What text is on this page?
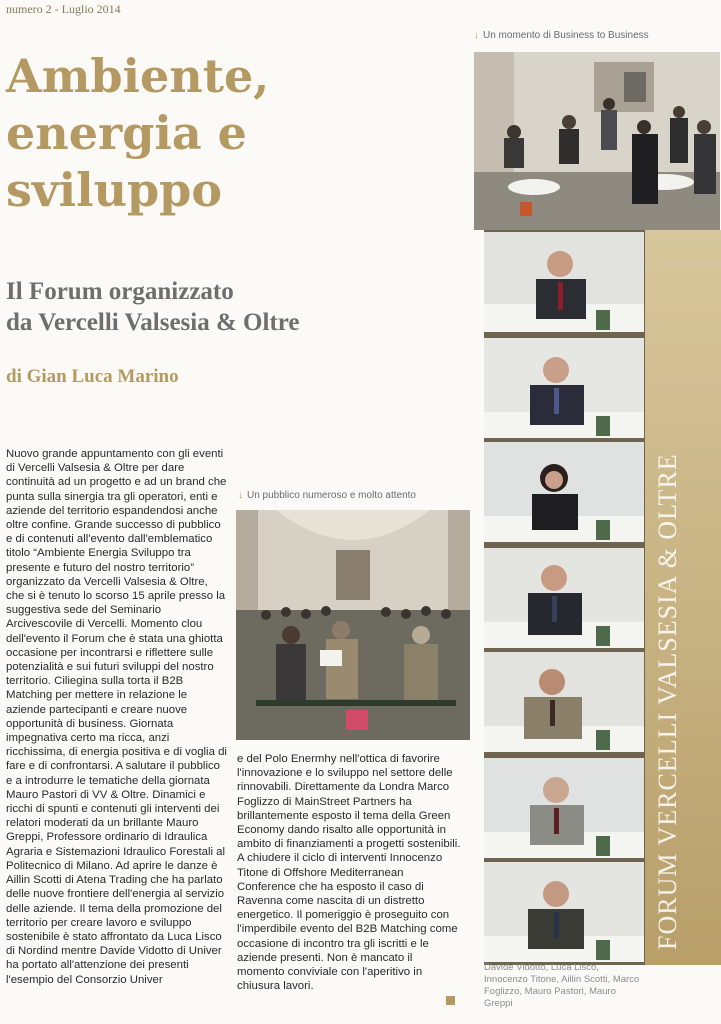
numero 2 - Luglio 2014
Ambiente,
energia e
sviluppo
Il Forum organizzato
da Vercelli Valsesia & Oltre
di Gian Luca Marino

Nuovo grande appuntamento con gli eventi di Vercelli Valsesia & Oltre per dare continuità ad un progetto e ad un brand che punta sulla sinergia tra gli operatori, enti e aziende del territorio espandendosi anche oltre confine. Grande successo di pubblico e di contenuti all'evento dall'emblematico titolo “Ambiente Energia Sviluppo tra presente e futuro del nostro territorio” organizzato da Vercelli Valsesia & Oltre, che si è tenuto lo scorso 15 aprile presso la suggestiva sede del Seminario Arcivescovile di Vercelli. Momento clou dell'evento il Forum che è stata una ghiotta occasione per incontrarsi e riflettere sulle potenzialità e sui futuri sviluppi del nostro territorio. Ciliegina sulla torta il B2B Matching per mettere in relazione le aziende partecipanti e creare nuove opportunità di business. Giornata impegnativa certo ma ricca, anzi ricchissima, di energia positiva e di voglia di fare e di confrontarsi. A salutare il pubblico e a introdurre le tematiche della giornata Mauro Pastori di VV & Oltre. Dinamici e ricchi di spunti e contenuti gli interventi dei relatori moderati da un brillante Mauro Greppi, Professore ordinario di Idraulica Agraria e Sistemazioni Idraulico Forestali al Politecnico di Milano. Ad aprire le danze è Aillin Scotti di Atena Trading che ha parlato delle nuove frontiere dell'energia al servizio delle aziende. Il tema della promozione del territorio per creare lavoro e sviluppo sostenibile è stato affrontato da Luca Lisco di Nordind mentre Davide Vidotto di Univer ha portato all'attenzione dei presenti l'esempio del Consorzio Univer

e del Polo Enermhy nell'ottica di favorire l'innovazione e lo sviluppo nel settore delle rinnovabili. Direttamente da Londra Marco Foglizzo di MainStreet Partners ha brillantemente esposto il tema della Green Economy dando risalto alle opportunità in ambito di finanziamenti a progetti sostenibili. A chiudere il ciclo di interventi Innocenzo Titone di Offshore Mediterranean Conference che ha esposto il caso di Ravenna come nascita di un distretto energetico. Il pomeriggio è proseguito con l'imperdibile evento del B2B Matching come occasione di incontro tra gli iscritti e le aziende presenti. Non è mancato il momento conviviale con l'aperitivo in chiusura lavori.

↓ Un momento di Business to Business
↓ Un pubblico numeroso e molto attento	FORUM VERCELLI VALSESIA & OLTRE
Davide Vidotto, Luca Lisco, Innocenzo Titone, Aillin Scotti, Marco Foglizzo, Mauro Pastori, Mauro Greppi
